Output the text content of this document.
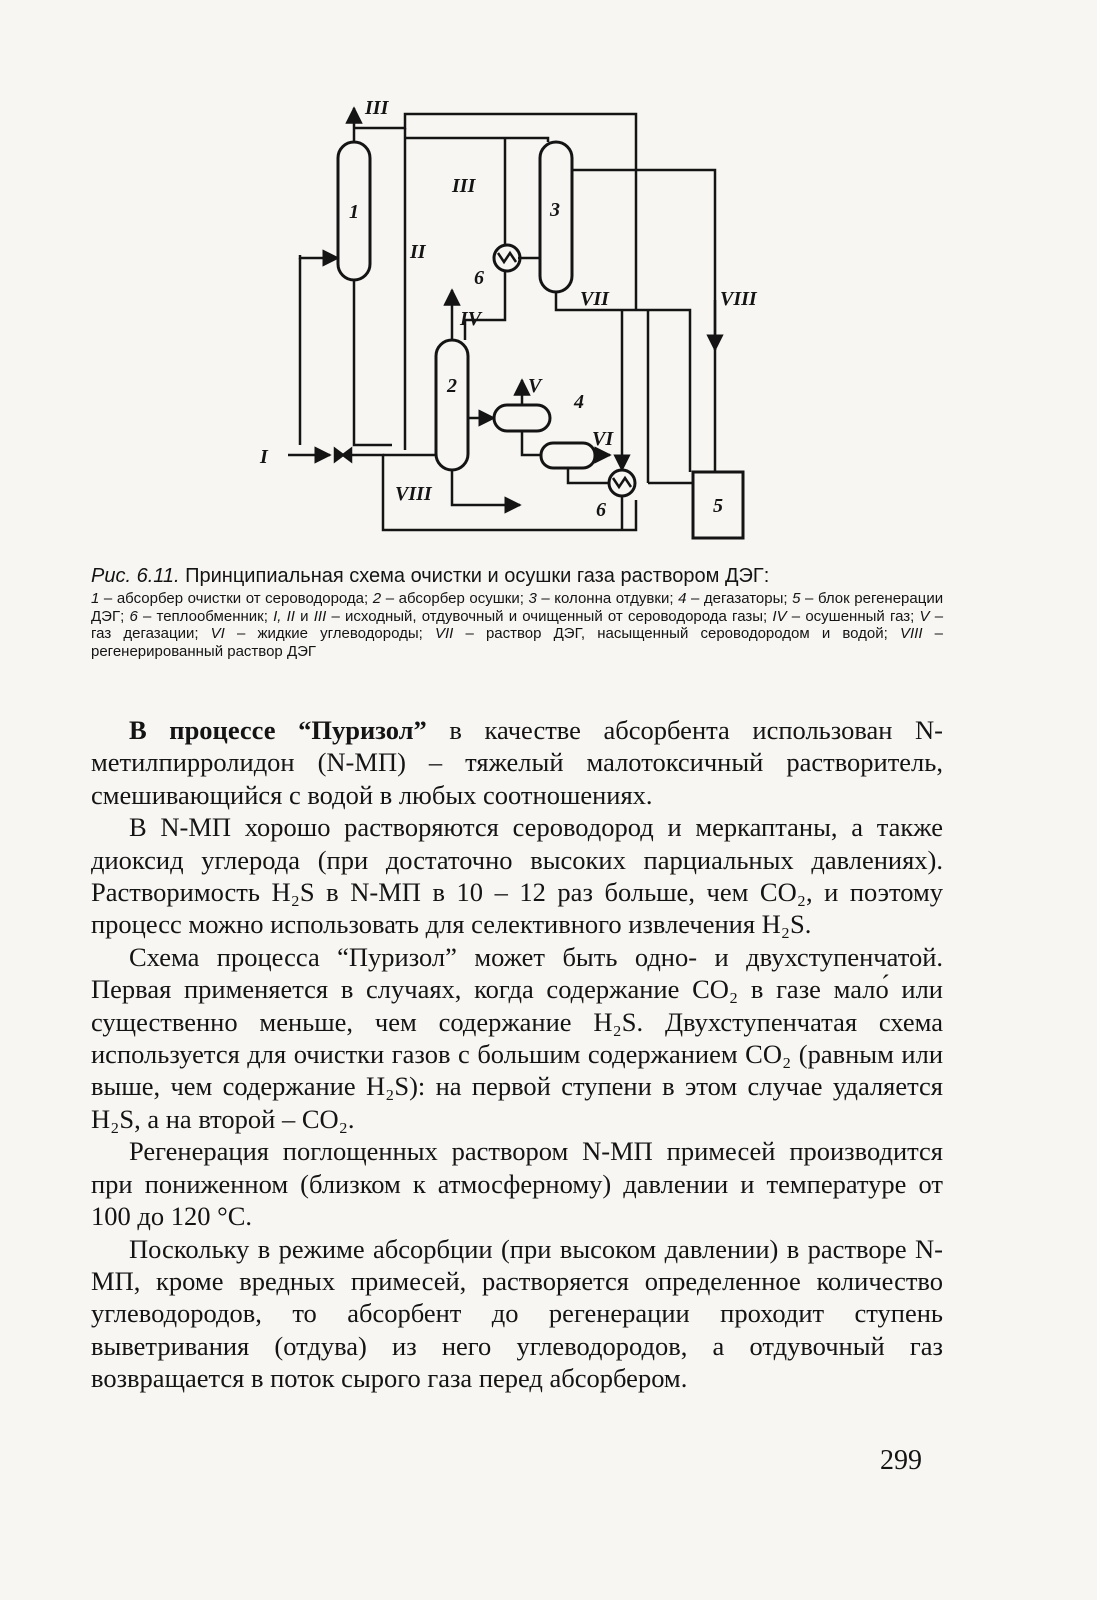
III
III
II
IV
V
VI
VII	VIII
VIII
I
1
2
3
4
5
6
6
Рис. 6.11. Принципиальная схема очистки и осушки газа раствором ДЭГ:
1 – абсорбер очистки от сероводорода; 2 – абсорбер осушки; 3 – колонна отдувки; 4 – дегазаторы; 5 – блок регенерации ДЭГ; 6 – теплообменник; I, II и III – исходный, отдувочный и очищенный от сероводорода газы; IV – осушенный газ; V – газ дегазации; VI – жидкие углеводороды; VII – раствор ДЭГ, насыщенный сероводородом и водой; VIII – регенерированный раствор ДЭГ

В процессе “Пуризол” в качестве абсорбента использован N-метилпирролидон (N-МП) – тяжелый малотоксичный растворитель, смешивающийся с водой в любых соотношениях.

В N-МП хорошо растворяются сероводород и меркаптаны, а также диоксид углерода (при достаточно высоких парциальных давлениях). Растворимость H₂S в N-МП в 10 – 12 раз больше, чем CO₂, и поэтому процесс можно использовать для селективного извлечения H₂S.

Схема процесса “Пуризол” может быть одно- и двухступенчатой. Первая применяется в случаях, когда содержание CO₂ в газе мало́ или существенно меньше, чем содержание H₂S. Двухступенчатая схема используется для очистки газов с большим содержанием CO₂ (равным или выше, чем содержание H₂S): на первой ступени в этом случае удаляется H₂S, а на второй – CO₂.

Регенерация поглощенных раствором N-МП примесей производится при пониженном (близком к атмосферному) давлении и температуре от 100 до 120 °C.

Поскольку в режиме абсорбции (при высоком давлении) в растворе N-МП, кроме вредных примесей, растворяется определенное количество углеводородов, то абсорбент до регенерации проходит ступень выветривания (отдува) из него углеводородов, а отдувочный газ возвращается в поток сырого газа перед абсорбером.

299
